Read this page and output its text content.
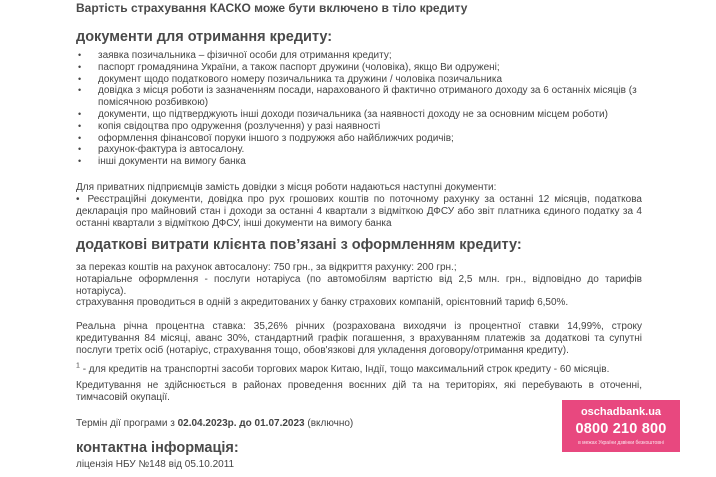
Вартість страхування КАСКО може бути включено в тіло кредиту
документи для отримання кредиту:
• заявка позичальника – фізичної особи для отримання кредиту;
• паспорт громадянина України, а також паспорт дружини (чоловіка), якщо Ви одружені;
• документ щодо податкового номеру позичальника та дружини / чоловіка позичальника
• довідка з місця роботи із зазначенням посади, нарахованого й фактично отриманого доходу за 6 останніх місяців (з помісячною розбивкою)
• документи, що підтверджують інші доходи позичальника (за наявності доходу не за основним місцем роботи)
• копія свідоцтва про одруження (розлучення) у разі наявності
• оформлення фінансової поруки іншого з подружжя або найближчих родичів;
• рахунок-фактура із автосалону.
• інші документи на вимогу банка

Для приватних підприємців замість довідки з місця роботи надаються наступні документи:

• Реєстраційні документи, довідка про рух грошових коштів по поточному рахунку за останні 12 місяців, податкова декларація про майновий стан і доходи за останні 4 квартали з відміткою ДФСУ або звіт платника єдиного податку за 4 останні квартали з відміткою ДФСУ, інші документи на вимогу банка

додаткові витрати клієнта пов’язані з оформленням кредиту:

за переказ коштів на рахунок автосалону: 750 грн., за відкриття рахунку: 200 грн.;
нотаріальне оформлення - послуги нотаріуса (по автомобілям вартістю від 2,5 млн. грн., відповідно до тарифів нотаріуса).
страхування проводиться в одній з акредитованих у банку страхових компаній, орієнтовний тариф 6,50%.

Реальна річна процентна ставка: 35,26% річних (розрахована виходячи із процентної ставки 14,99%, строку кредитування 84 місяці, аванс 30%, стандартний графік погашення, з врахуванням платежів за додаткові та супутні послуги третіх осіб (нотаріус, страхування тощо, обов'язкові для укладення договору/отримання кредиту).

$^1$ - для кредитів на транспортні засоби торгових марок Китаю, Індії, тощо максимальний строк кредиту - 60 місяців.

Кредитування не здійснюється в районах проведення воєнних дій та на територіях, які перебувають в оточенні, тимчасовій окупації.

Термін дії програми з 02.04.2023р. до 01.07.2023 (включно)

контактна інформація:
ліцензія НБУ №148 від 05.10.2011
oschadbank.ua
0800 210 800
в межах України дзвінки безкоштовні
